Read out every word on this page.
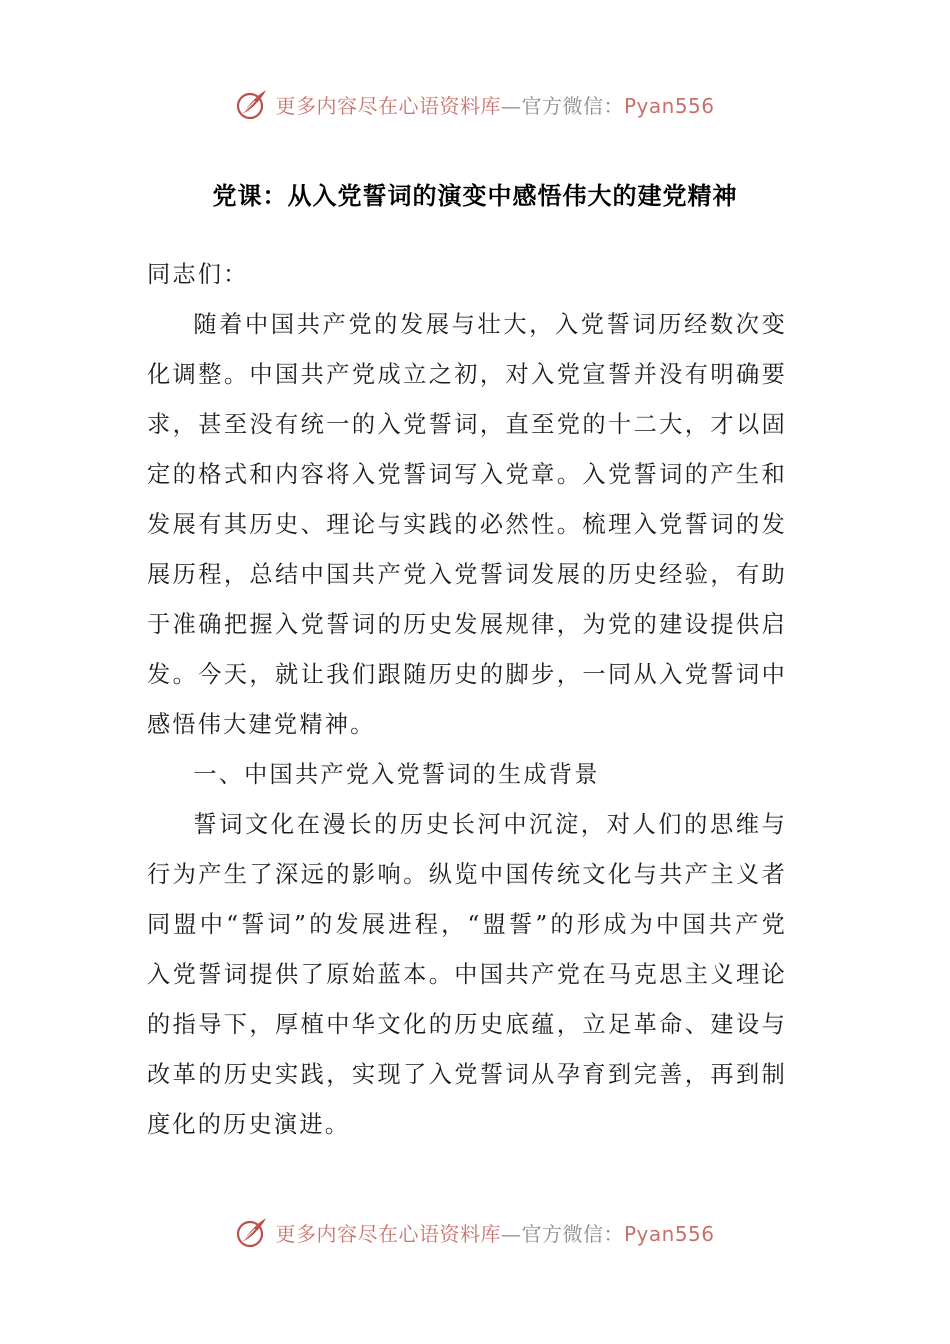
更多内容尽在心语资料库—官方微信：Pyan556
党课：从入党誓词的演变中感悟伟大的建党精神

同志们：

随着中国共产党的发展与壮大，入党誓词历经数次变化调整。中国共产党成立之初，对入党宣誓并没有明确要求，甚至没有统一的入党誓词，直至党的十二大，才以固定的格式和内容将入党誓词写入党章。入党誓词的产生和发展有其历史、理论与实践的必然性。梳理入党誓词的发展历程，总结中国共产党入党誓词发展的历史经验，有助于准确把握入党誓词的历史发展规律，为党的建设提供启发。今天，就让我们跟随历史的脚步，一同从入党誓词中感悟伟大建党精神。

一、中国共产党入党誓词的生成背景

誓词文化在漫长的历史长河中沉淀，对人们的思维与行为产生了深远的影响。纵览中国传统文化与共产主义者同盟中“誓词”的发展进程，“盟誓”的形成为中国共产党入党誓词提供了原始蓝本。中国共产党在马克思主义理论的指导下，厚植中华文化的历史底蕴，立足革命、建设与改革的历史实践，实现了入党誓词从孕育到完善，再到制度化的历史演进。

更多内容尽在心语资料库—官方微信：Pyan556
